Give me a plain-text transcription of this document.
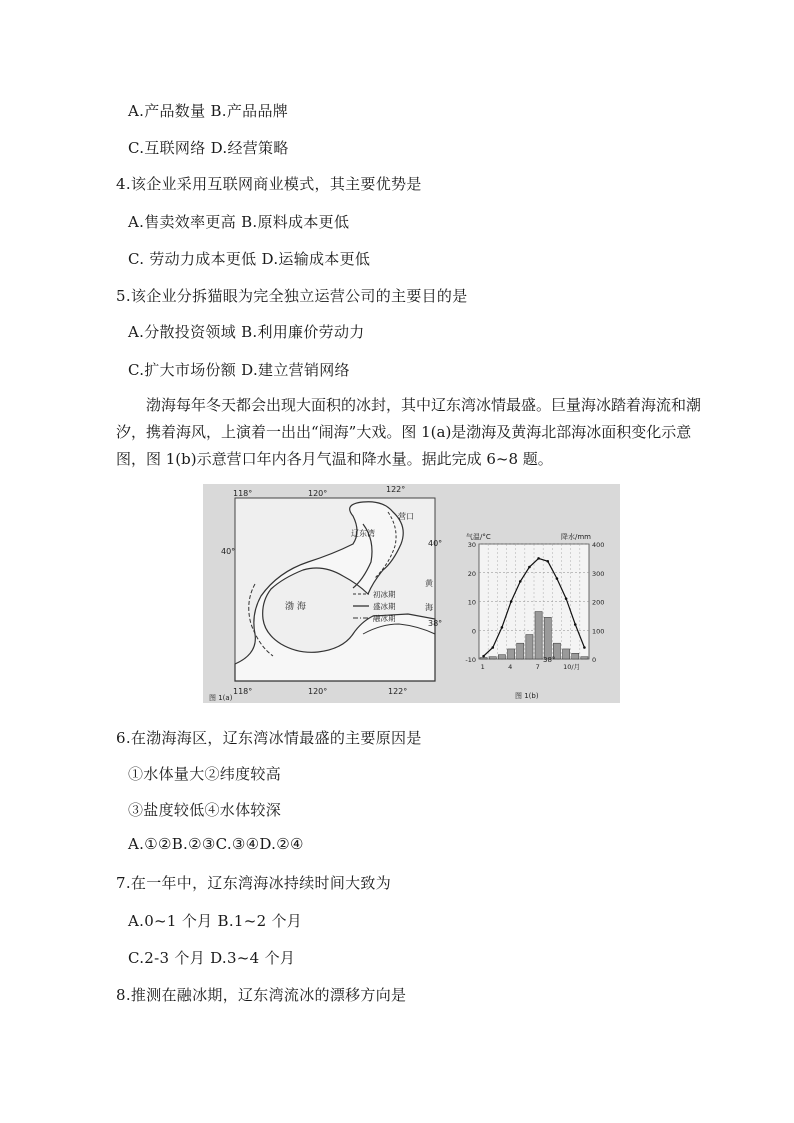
A.产品数量 B.产品品牌
C.互联网络 D.经营策略
4.该企业采用互联网商业模式，其主要优势是
A.售卖效率更高 B.原料成本更低
C. 劳动力成本更低 D.运输成本更低
5.该企业分拆猫眼为完全独立运营公司的主要目的是
A.分散投资领域 B.利用廉价劳动力
C.扩大市场份额 D.建立营销网络
渤海每年冬天都会出现大面积的冰封，其中辽东湾冰情最盛。巨量海冰踏着海流和潮汐，携着海风，上演着一出出“闹海”大戏。图 1(a)是渤海及黄海北部海冰面积变化示意图，图 1(b)示意营口年内各月气温和降水量。据此完成 6~8 题。
118°	120°	122°
118°	120°	122°
40°
40°
38°
辽东湾
营口
渤 海
黄
海
初冰期
盛冰期
融冰期
图 1(a)
气温/°C	降水/mm
30
20
10
0
-10
400
300
200
100
0
1	4	7	10/月
38°
图 1(b)
6.在渤海海区，辽东湾冰情最盛的主要原因是
①水体量大②纬度较高
③盐度较低④水体较深
A.①②B.②③C.③④D.②④
7.在一年中，辽东湾海冰持续时间大致为
A.0~1 个月 B.1~2 个月
C.2-3 个月 D.3~4 个月
8.推测在融冰期，辽东湾流冰的漂移方向是
